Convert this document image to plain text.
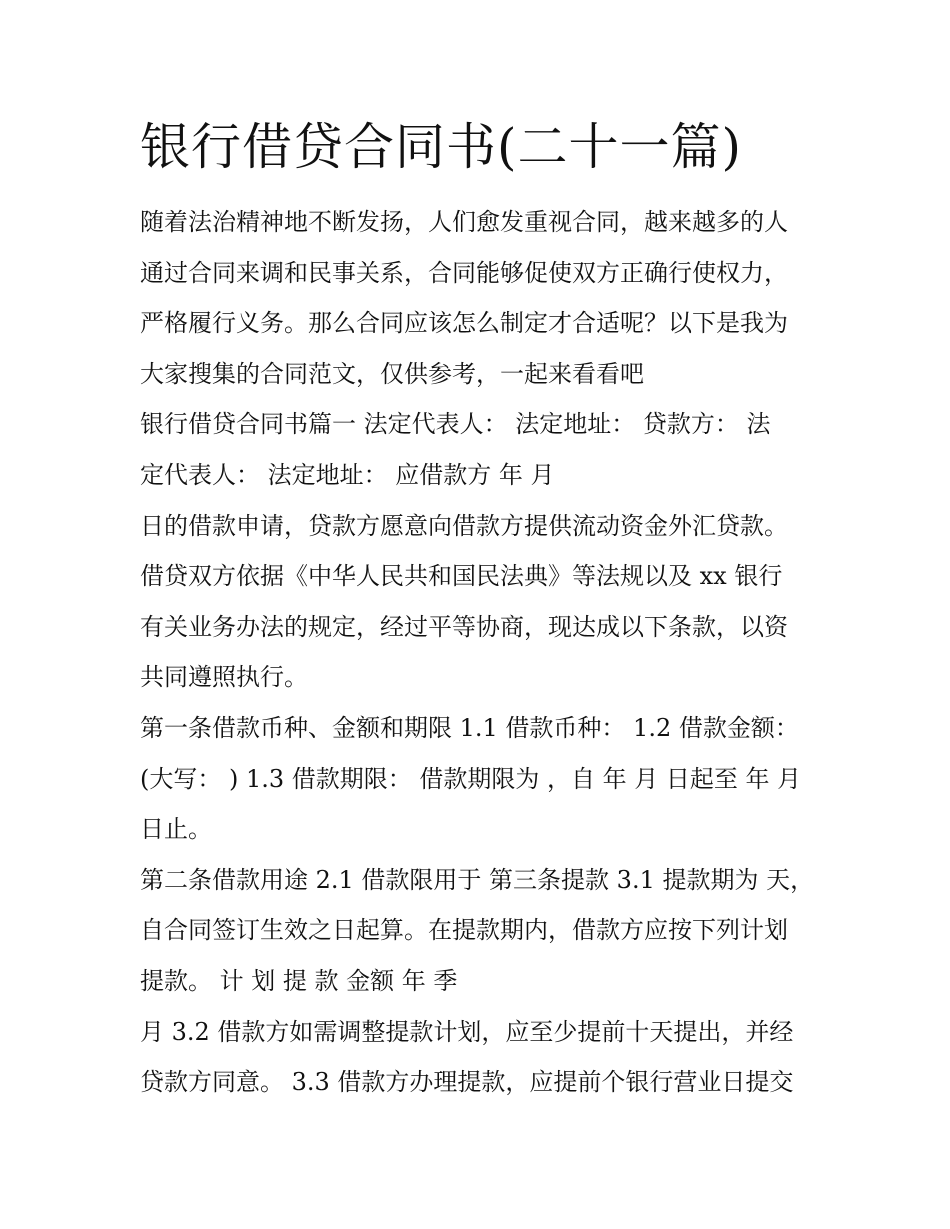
银行借贷合同书(二十一篇)
随着法治精神地不断发扬，人们愈发重视合同，越来越多的人
通过合同来调和民事关系，合同能够促使双方正确行使权力，
严格履行义务。那么合同应该怎么制定才合适呢？以下是我为
大家搜集的合同范文，仅供参考，一起来看看吧
银行借贷合同书篇一 法定代表人： 法定地址： 贷款方： 法
定代表人： 法定地址： 应借款方 年 月
日的借款申请，贷款方愿意向借款方提供流动资金外汇贷款。
借贷双方依据《中华人民共和国民法典》等法规以及 xx 银行
有关业务办法的规定，经过平等协商，现达成以下条款，以资
共同遵照执行。
第一条借款币种、金额和期限 1.1 借款币种： 1.2 借款金额：
(大写： ) 1.3 借款期限： 借款期限为 ，自 年 月 日起至 年 月
日止。
第二条借款用途 2.1 借款限用于 第三条提款 3.1 提款期为 天，
自合同签订生效之日起算。在提款期内，借款方应按下列计划
提款。 计 划 提 款 金额 年 季
月 3.2 借款方如需调整提款计划，应至少提前十天提出，并经
贷款方同意。 3.3 借款方办理提款，应提前个银行营业日提交
